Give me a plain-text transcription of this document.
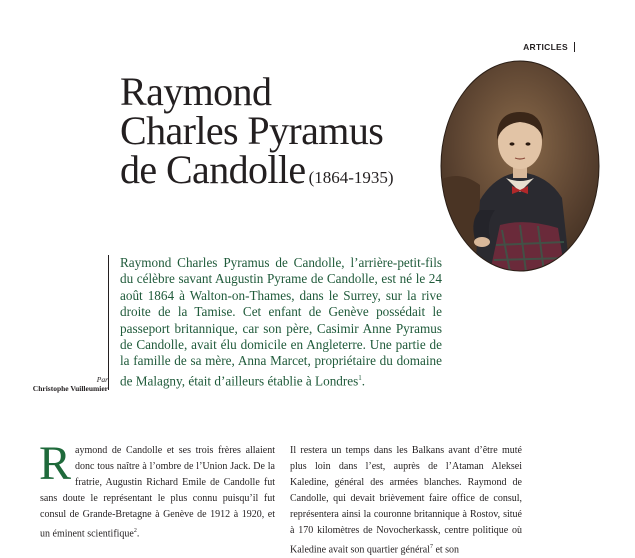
ARTICLES
Raymond
Charles Pyramus
de Candolle (1864-1935)
Raymond Charles Pyramus de Candolle, l’arrière-petit-fils du célèbre savant Augustin Pyrame de Candolle, est né le 24 août 1864 à Walton-on-Thames, dans le Surrey, sur la rive droite de la Tamise. Cet enfant de Genève possédait le passeport britannique, car son père, Casimir Anne Pyramus de Candolle, avait élu domicile en Angleterre. Une partie de la famille de sa mère, Anna Marcet, propriétaire du domaine de Malagny, était d’ailleurs établie à Londres$^1$.
Par
Christophe Vuilleumier
Raymond de Candolle et ses trois frères allaient donc tous naître à l’ombre de l’Union Jack. De la fratrie, Augustin Richard Emile de Candolle fut sans doute le représentant le plus connu puisqu’il fut consul de Grande-Bretagne à Genève de 1912 à 1920, et un éminent scientifique$^2$.
Il restera un temps dans les Balkans avant d’être muté plus loin dans l’est, auprès de l’Ataman Aleksei Kaledine, général des armées blanches. Raymond de Candolle, qui devait brièvement faire office de consul, représentera ainsi la couronne britannique à Rostov, situé à 170 kilomètres de Novocherkassk, centre politique où Kaledine avait son quartier général$^7$ et son
